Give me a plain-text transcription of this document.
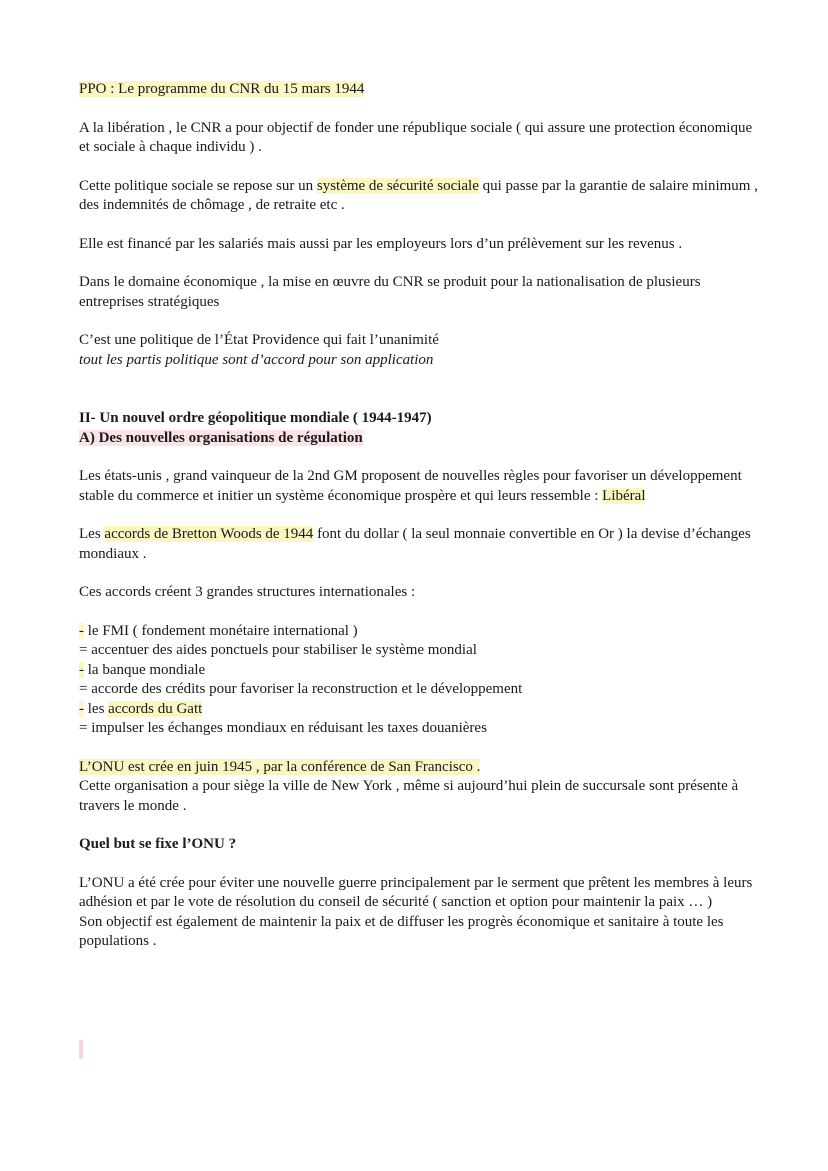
PPO : Le programme du CNR du 15 mars 1944

A la libération , le CNR a pour objectif de fonder une république sociale ( qui assure une protection économique et sociale à chaque individu ) .

Cette politique sociale se repose sur un système de sécurité sociale qui passe par la garantie de salaire minimum , des indemnités de chômage , de retraite etc .

Elle est financé par les salariés mais aussi par les employeurs lors d’un prélèvement sur les revenus .

Dans le domaine économique , la mise en œuvre du CNR se produit pour la nationalisation de plusieurs entreprises stratégiques

C’est une politique de l’État Providence qui fait l’unanimité
tout les partis politique sont d’accord pour son application

II- Un nouvel ordre géopolitique mondiale ( 1944-1947)
A) Des nouvelles organisations de régulation

Les états-unis , grand vainqueur de la 2nd GM proposent de nouvelles règles pour favoriser un développement stable du commerce et initier un système économique prospère et qui leurs ressemble : Libéral

Les accords de Bretton Woods de 1944 font du dollar ( la seul monnaie convertible en Or ) la devise d’échanges mondiaux .

Ces accords créent 3 grandes structures internationales :

- le FMI ( fondement monétaire international )
= accentuer des aides ponctuels pour stabiliser le système mondial
- la banque mondiale
= accorde des crédits pour favoriser la reconstruction et le développement
- les accords du Gatt
= impulser les échanges mondiaux en réduisant les taxes douanières

L’ONU est crée en juin 1945 , par la conférence de San Francisco .
Cette organisation a pour siège la ville de New York , même si aujourd’hui plein de succursale sont présente à travers le monde .

Quel but se fixe l’ONU ?

L’ONU a été crée pour éviter une nouvelle guerre principalement par le serment que prêtent les membres à leurs adhésion et par le vote de résolution du conseil de sécurité ( sanction et option pour maintenir la paix … )
Son objectif est également de maintenir la paix et de diffuser les progrès économique et sanitaire à toute les populations .
